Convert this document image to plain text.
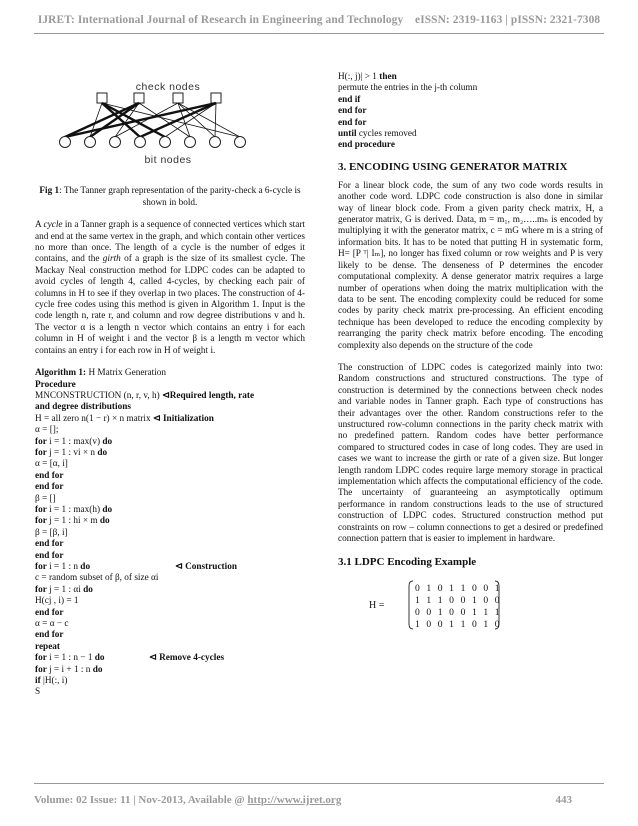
IJRET: International Journal of Research in Engineering and Technology eISSN: 2319-1163 | pISSN: 2321-7308
check nodes
bit nodes

Fig 1: The Tanner graph representation of the parity-check a 6-cycle is shown in bold.

A cycle in a Tanner graph is a sequence of connected vertices which start and end at the same vertex in the graph, and which contain other vertices no more than once. The length of a cycle is the number of edges it contains, and the girth of a graph is the size of its smallest cycle. The Mackay Neal construction method for LDPC codes can be adapted to avoid cycles of length 4, called 4-cycles, by checking each pair of columns in H to see if they overlap in two places. The construction of 4-cycle free codes using this method is given in Algorithm 1. Input is the code length n, rate r, and column and row degree distributions v and h. The vector α is a length n vector which contains an entry i for each column in H of weight i and the vector β is a length m vector which contains an entry i for each row in H of weight i.

Algorithm 1: H Matrix Generation

Procedure
MNCONSTRUCTION (n, r, v, h) ⊲Required length, rate
and degree distributions
H = all zero n(1 − r) × n matrix ⊲ Initialization
α = [];
for i = 1 : max(v) do
for j = 1 : vi × n do
α = [α, i]
end for
end for
β = []
for i = 1 : max(h) do
for j = 1 : hi × m do
β = [β, i]
end for
end for
for i = 1 : n do	⊲ Construction
c = random subset of β, of size αi
for j = 1 : αi do
H(cj , i) = 1
end for
α = α − c
end for
repeat
for i = 1 : n − 1 do	⊲ Remove 4-cycles
for j = i + 1 : n do
if |H(:, i)
S
H(:, j)| > 1 then
permute the entries in the j-th column
end if
end for
end for
until cycles removed
end procedure
3. ENCODING USING GENERATOR MATRIX

For a linear block code, the sum of any two code words results in another code word. LDPC code construction is also done in similar way of linear block code. From a given parity check matrix, H, a generator matrix, G is derived. Data, m = m₁, m₂…..mₙ is encoded by multiplying it with the generator matrix, c = mG where m is a string of information bits. It has to be noted that putting H in systematic form, H= [P ᵀ| Iₘ], no longer has fixed column or row weights and P is very likely to be dense. The denseness of P determines the encoder computational complexity. A dense generator matrix requires a large number of operations when doing the matrix multiplication with the data to be sent. The encoding complexity could be reduced for some codes by parity check matrix pre-processing. An efficient encoding technique has been developed to reduce the encoding complexity by rearranging the parity check matrix before encoding. The encoding complexity also depends on the structure of the code

The construction of LDPC codes is categorized mainly into two: Random constructions and structured constructions. The type of construction is determined by the connections between check nodes and variable nodes in Tanner graph. Each type of constructions has their advantages over the other. Random constructions refer to the unstructured row-column connections in the parity check matrix with no predefined pattern. Random codes have better performance compared to structured codes in case of long codes. They are used in cases we want to increase the girth or rate of a given size. But longer length random LDPC codes require large memory storage in practical implementation which affects the computational efficiency of the code. The uncertainty of guaranteeing an asymptotically optimum performance in random constructions leads to the use of structured construction of LDPC codes. Structured construction method put constraints on row – column connections to get a desired or predefined connection pattern that is easier to implement in hardware.

3.1 LDPC Encoding Example
H =
0 1 0 1 1 0 0 1
1 1 1 0 0 1 0 0
0 0 1 0 0 1 1 1
1 0 0 1 1 0 1 0
Volume: 02 Issue: 11 | Nov-2013, Available @ http://www.ijret.org	443
